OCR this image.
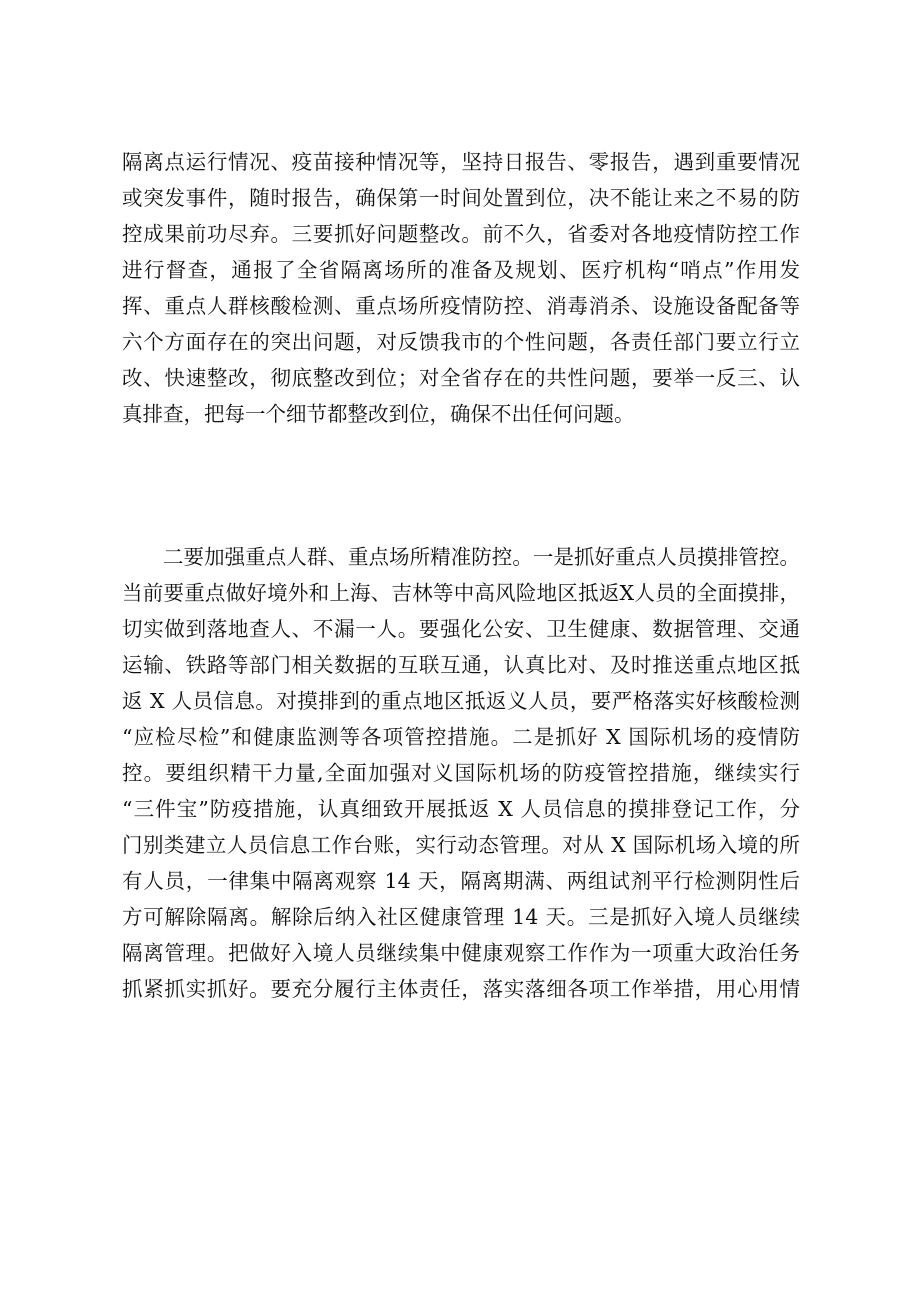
隔离点运行情况、疫苗接种情况等，坚持日报告、零报告，遇到重要情况
或突发事件，随时报告，确保第一时间处置到位，决不能让来之不易的防
控成果前功尽弃。三要抓好问题整改。前不久，省委对各地疫情防控工作
进行督查，通报了全省隔离场所的准备及规划、医疗机构“哨点”作用发
挥、重点人群核酸检测、重点场所疫情防控、消毒消杀、设施设备配备等
六个方面存在的突出问题，对反馈我市的个性问题，各责任部门要立行立
改、快速整改，彻底整改到位；对全省存在的共性问题，要举一反三、认
真排查，把每一个细节都整改到位，确保不出任何问题。
二要加强重点人群、重点场所精准防控。一是抓好重点人员摸排管控。
当前要重点做好境外和上海、吉林等中高风险地区抵返X人员的全面摸排，
切实做到落地查人、不漏一人。要强化公安、卫生健康、数据管理、交通
运输、铁路等部门相关数据的互联互通，认真比对、及时推送重点地区抵
返 X 人员信息。对摸排到的重点地区抵返义人员，要严格落实好核酸检测
“应检尽检”和健康监测等各项管控措施。二是抓好 X 国际机场的疫情防
控。要组织精干力量,全面加强对义国际机场的防疫管控措施，继续实行
“三件宝”防疫措施，认真细致开展抵返 X 人员信息的摸排登记工作，分
门别类建立人员信息工作台账，实行动态管理。对从 X 国际机场入境的所
有人员，一律集中隔离观察 14 天，隔离期满、两组试剂平行检测阴性后
方可解除隔离。解除后纳入社区健康管理 14 天。三是抓好入境人员继续
隔离管理。把做好入境人员继续集中健康观察工作作为一项重大政治任务
抓紧抓实抓好。要充分履行主体责任，落实落细各项工作举措，用心用情
